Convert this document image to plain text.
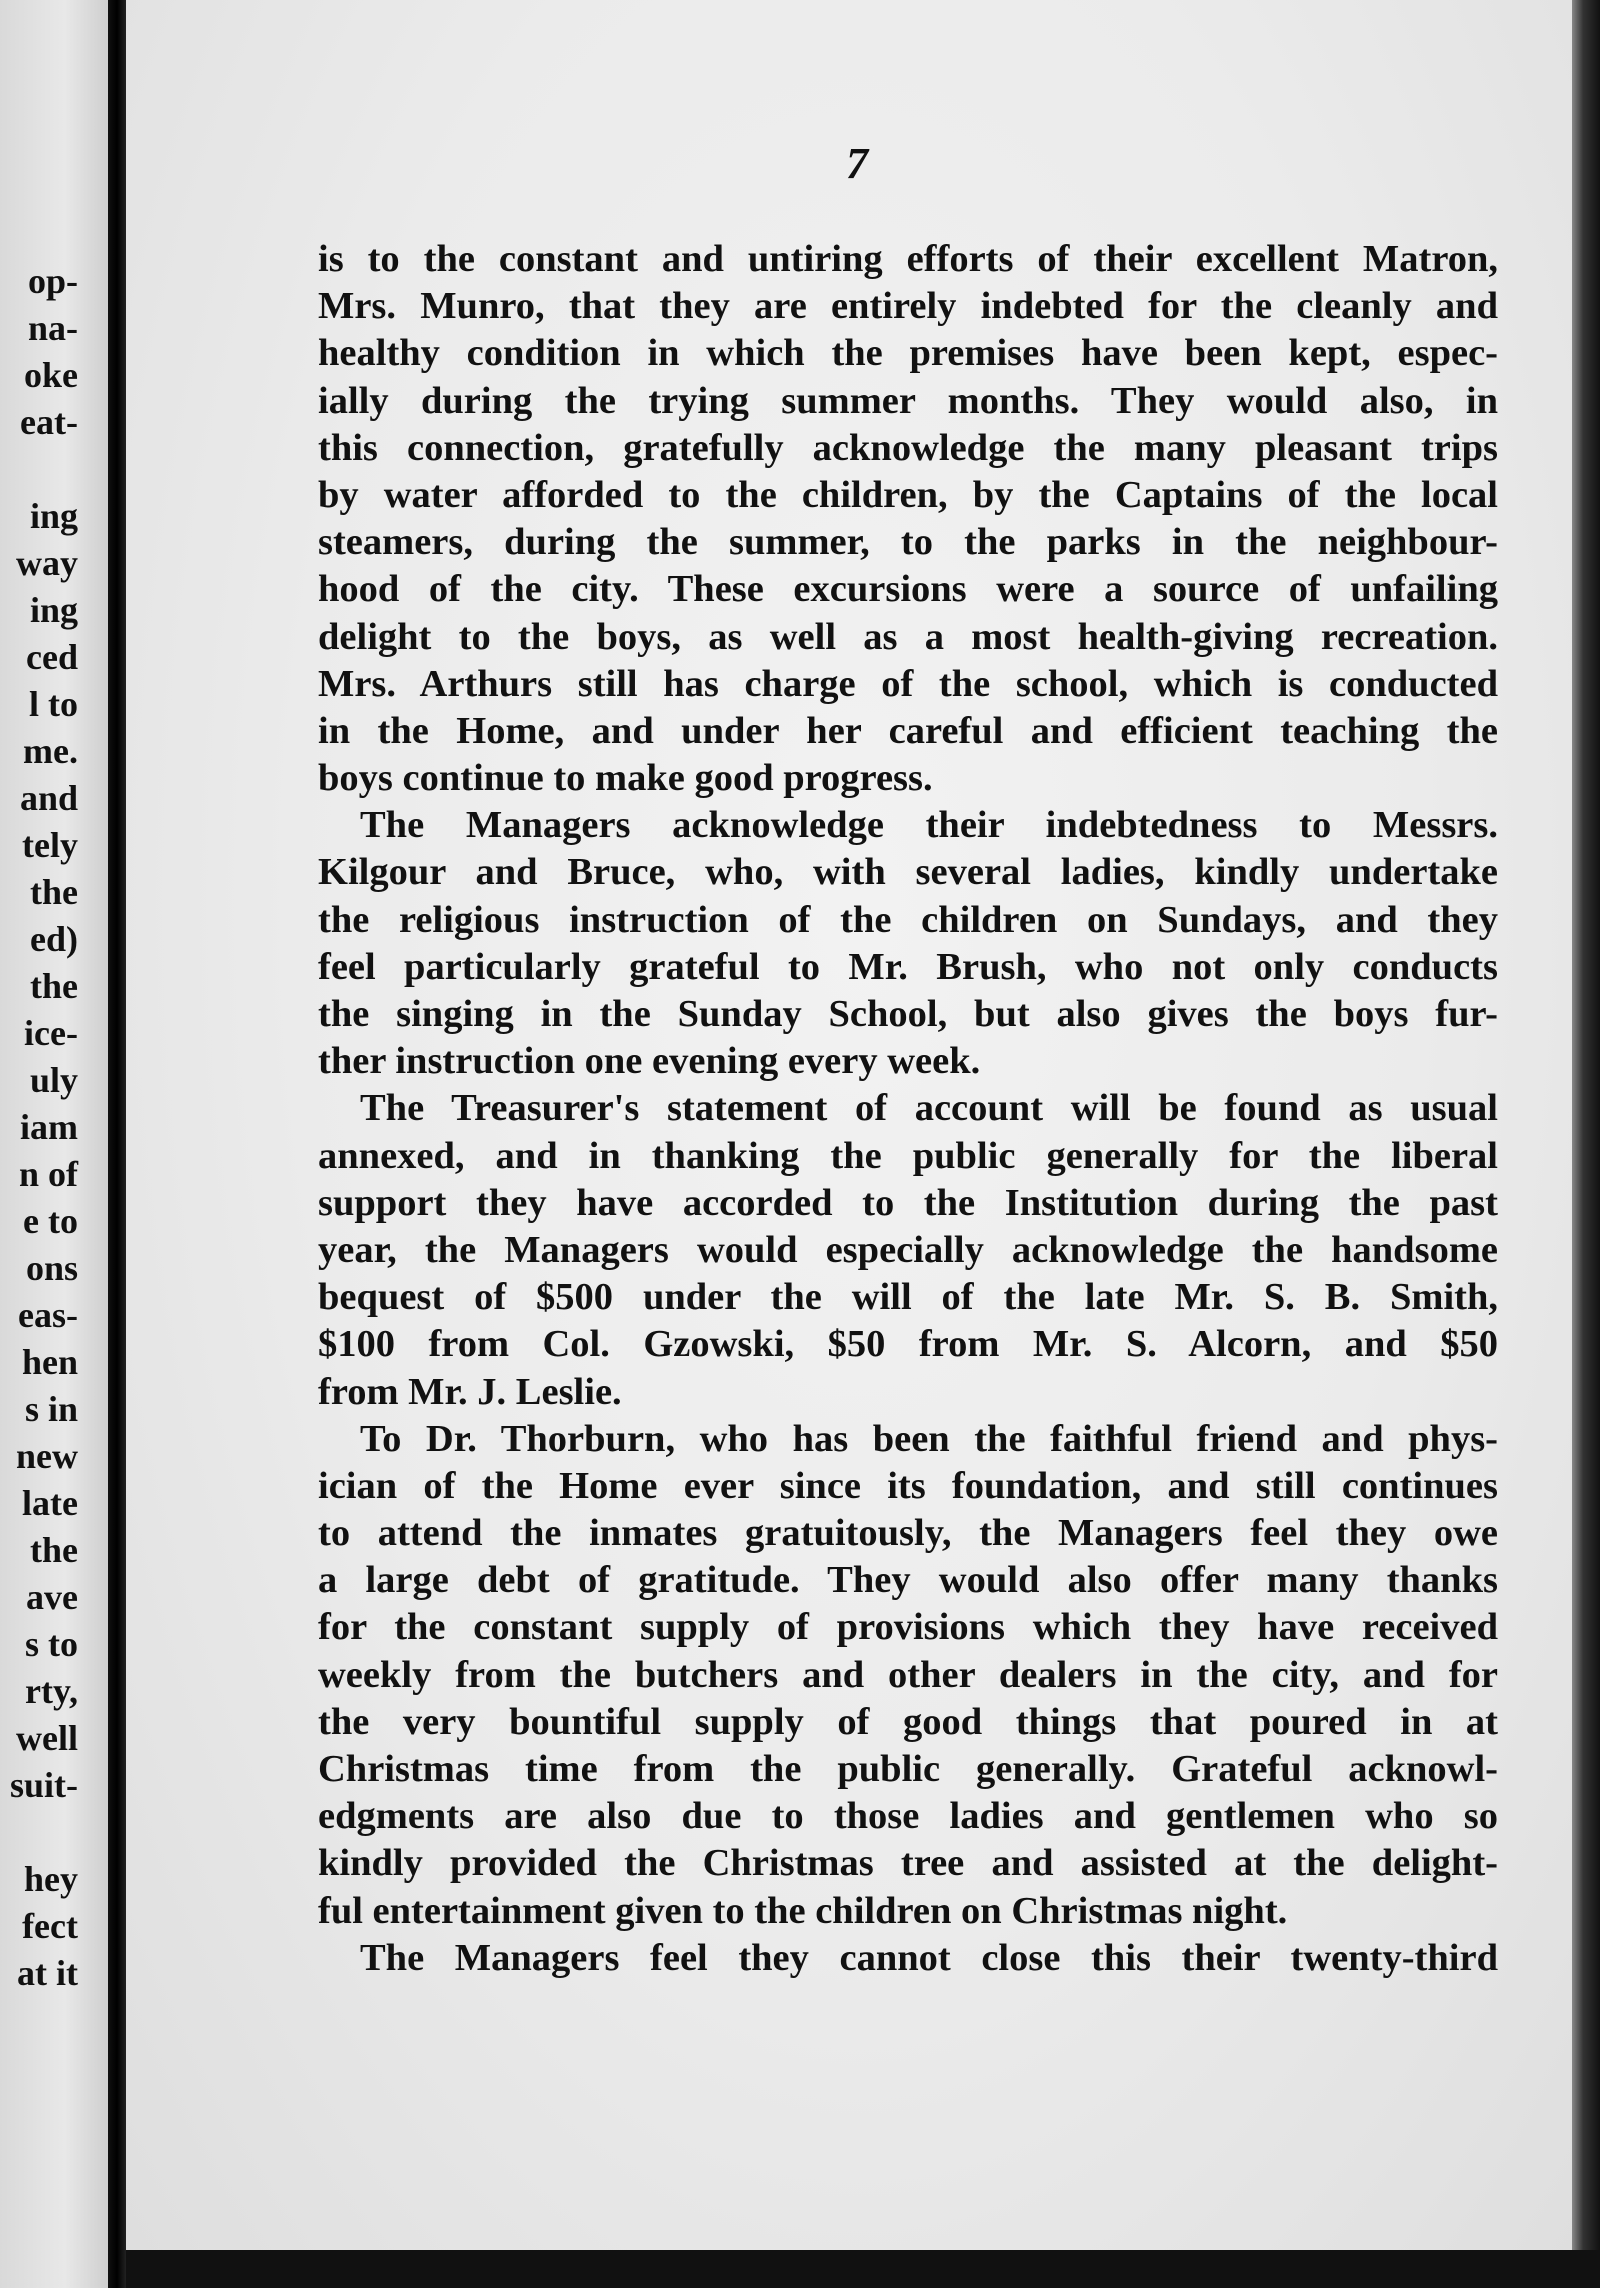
op-
na-
oke
eat-
ing
way
ing
ced
l to
me.
and
tely
the
ed)
the
ice-
uly
iam
n of
e to
ons
eas-
hen
s in
new
late
the
ave
s to
rty,
well
suit-
hey
fect
at it
7
is to the constant and untiring efforts of their excellent Matron,
Mrs. Munro, that they are entirely indebted for the cleanly and
healthy condition in which the premises have been kept, espec-
ially during the trying summer months. They would also, in
this connection, gratefully acknowledge the many pleasant trips
by water afforded to the children, by the Captains of the local
steamers, during the summer, to the parks in the neighbour-
hood of the city. These excursions were a source of unfailing
delight to the boys, as well as a most health-giving recreation.
Mrs. Arthurs still has charge of the school, which is conducted
in the Home, and under her careful and efficient teaching the
boys continue to make good progress.
The Managers acknowledge their indebtedness to Messrs.
Kilgour and Bruce, who, with several ladies, kindly undertake
the religious instruction of the children on Sundays, and they
feel particularly grateful to Mr. Brush, who not only conducts
the singing in the Sunday School, but also gives the boys fur-
ther instruction one evening every week.
The Treasurer's statement of account will be found as usual
annexed, and in thanking the public generally for the liberal
support they have accorded to the Institution during the past
year, the Managers would especially acknowledge the handsome
bequest of $500 under the will of the late Mr. S. B. Smith,
$100 from Col. Gzowski, $50 from Mr. S. Alcorn, and $50
from Mr. J. Leslie.
To Dr. Thorburn, who has been the faithful friend and phys-
ician of the Home ever since its foundation, and still continues
to attend the inmates gratuitously, the Managers feel they owe
a large debt of gratitude. They would also offer many thanks
for the constant supply of provisions which they have received
weekly from the butchers and other dealers in the city, and for
the very bountiful supply of good things that poured in at
Christmas time from the public generally. Grateful acknowl-
edgments are also due to those ladies and gentlemen who so
kindly provided the Christmas tree and assisted at the delight-
ful entertainment given to the children on Christmas night.
The Managers feel they cannot close this their twenty-third
